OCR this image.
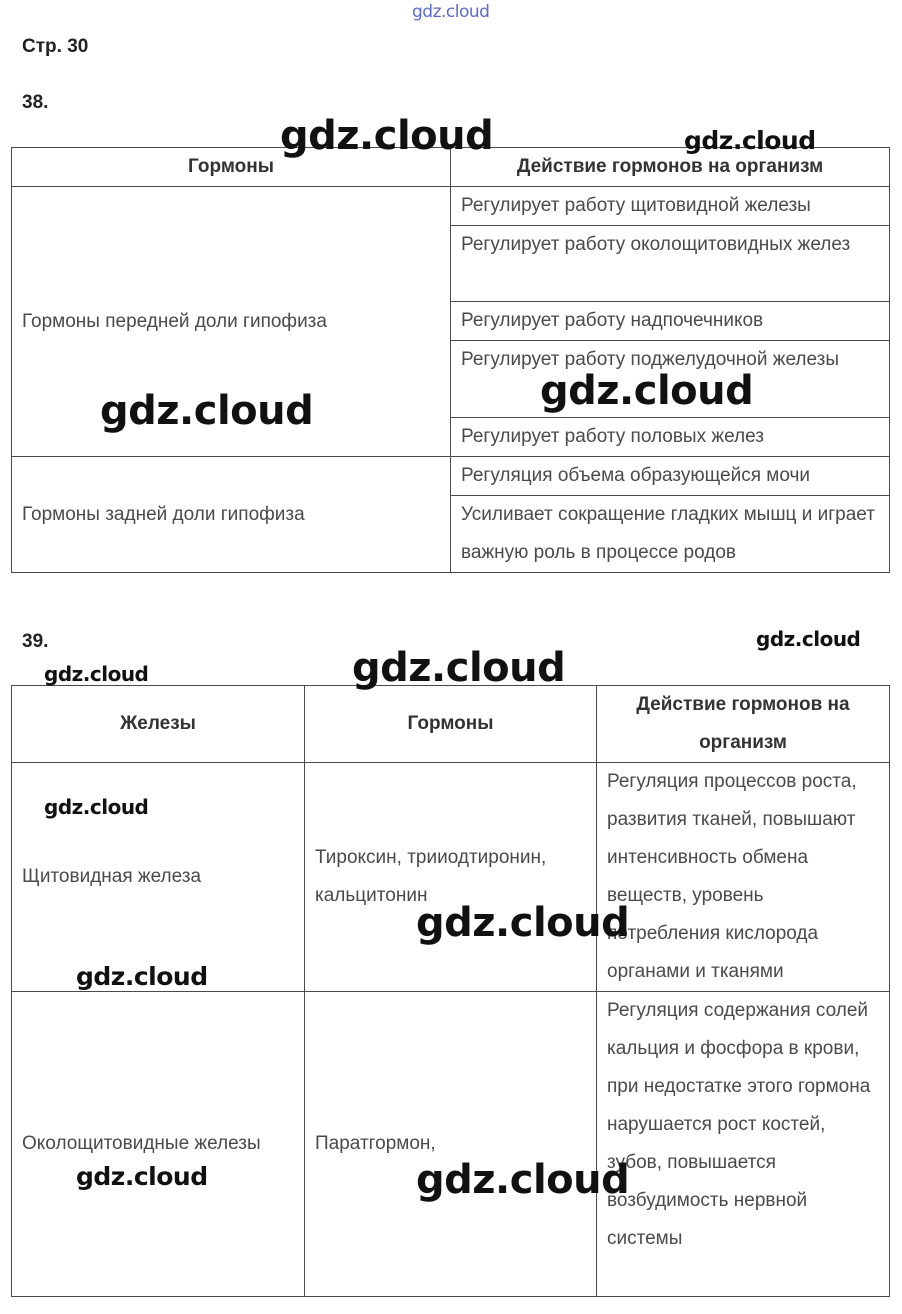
gdz.cloud
Стр. 30
38.
Гормоны	Действие гормонов на организм
Гормоны передней доли гипофиза	Регулирует работу щитовидной железы
	Регулирует работу околощитовидных желез
	Регулирует работу надпочечников
	Регулирует работу поджелудочной железы
	Регулирует работу половых желез
Гормоны задней доли гипофиза	Регуляция объема образующейся мочи
	Усиливает сокращение гладких мышц и играет важную роль в процессе родов
39.
Железы	Гормоны	Действие гормонов на организм
Щитовидная железа	Тироксин, трииодтиронин, кальцитонин	Регуляция процессов роста, развития тканей, повышают интенсивность обмена веществ, уровень потребления кислорода органами и тканями
Околощитовидные железы	Паратгормон,	Регуляция содержания солей кальция и фосфора в крови, при недостатке этого гормона нарушается рост костей, зубов, повышается возбудимость нервной системы
gdz.cloud	gdz.cloud
gdz.cloud	gdz.cloud
gdz.cloud
gdz.cloud	gdz.cloud
gdz.cloud
gdz.cloud
gdz.cloud
gdz.cloud	gdz.cloud
